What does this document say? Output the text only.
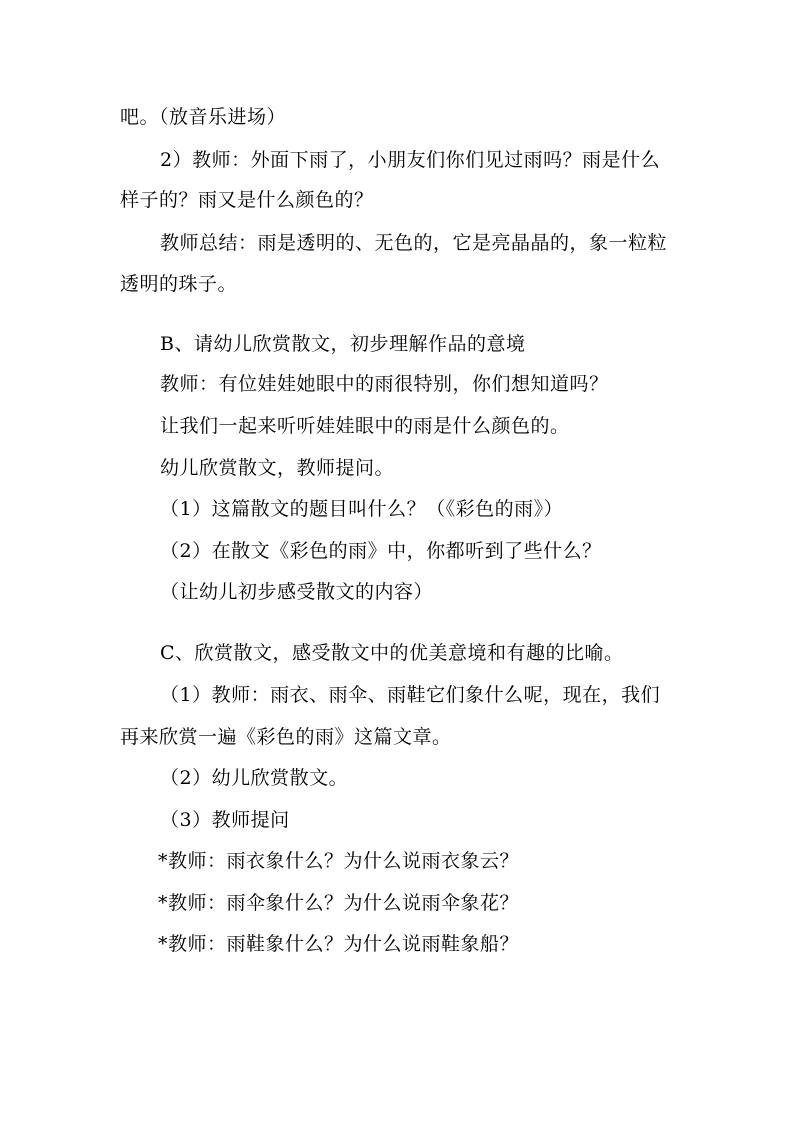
吧。（放音乐进场）
2）教师：外面下雨了，小朋友们你们见过雨吗？雨是什么
样子的？雨又是什么颜色的？
教师总结：雨是透明的、无色的，它是亮晶晶的，象一粒粒
透明的珠子。
B、请幼儿欣赏散文，初步理解作品的意境
教师：有位娃娃她眼中的雨很特别，你们想知道吗？
让我们一起来听听娃娃眼中的雨是什么颜色的。
幼儿欣赏散文，教师提问。
（1）这篇散文的题目叫什么？（《彩色的雨》）
（2）在散文《彩色的雨》中，你都听到了些什么？
（让幼儿初步感受散文的内容）
C、欣赏散文，感受散文中的优美意境和有趣的比喻。
（1）教师：雨衣、雨伞、雨鞋它们象什么呢，现在，我们
再来欣赏一遍《彩色的雨》这篇文章。
（2）幼儿欣赏散文。
（3）教师提问
*教师：雨衣象什么？为什么说雨衣象云？
*教师：雨伞象什么？为什么说雨伞象花？
*教师：雨鞋象什么？为什么说雨鞋象船？
